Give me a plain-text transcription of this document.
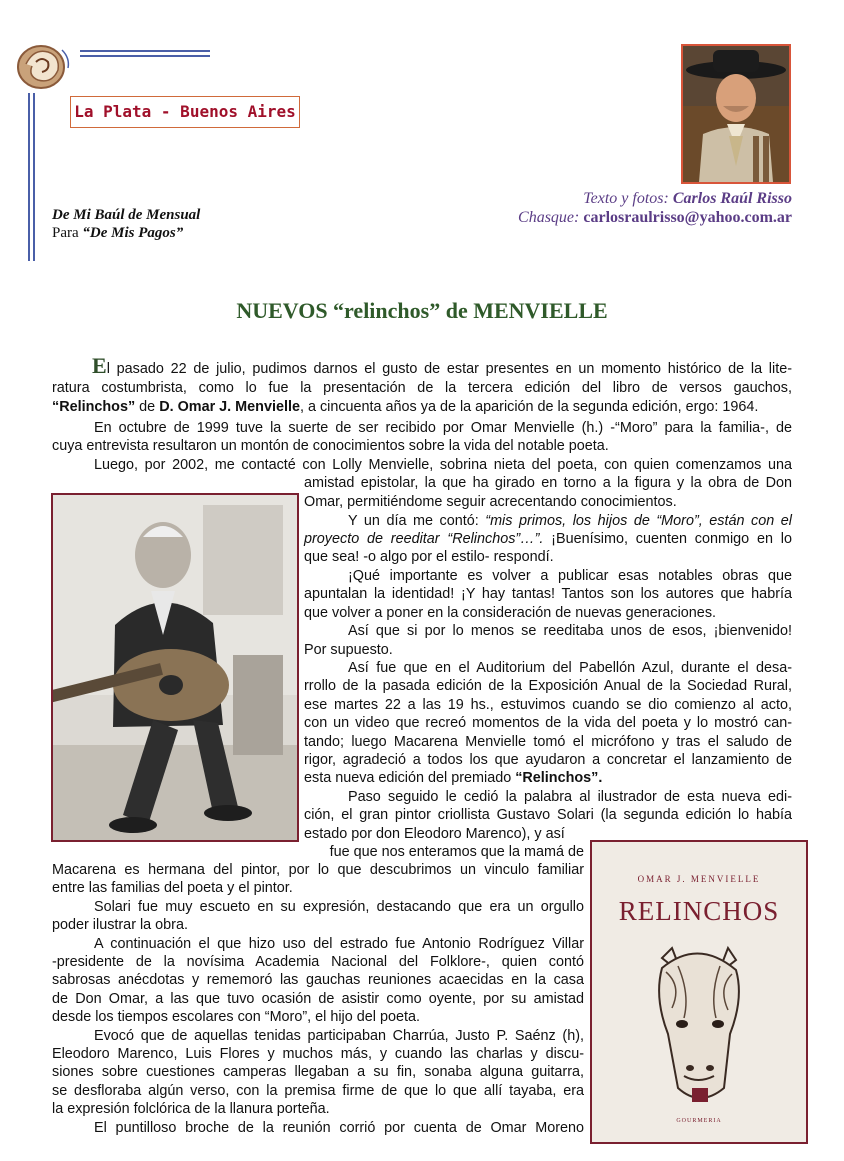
La Plata - Buenos Aires
Texto y fotos: Carlos Raúl Risso
Chasque: carlosraulrisso@yahoo.com.ar
De Mi Baúl de Mensual
Para “De Mis Pagos”
NUEVOS “relinchos” de MENVIELLE
El pasado 22 de julio, pudimos darnos el gusto de estar presentes en un momento histórico de la lite-
ratura costumbrista, como lo fue la presentación de la tercera edición del libro de versos gauchos,
“Relinchos” de D. Omar J. Menvielle, a cincuenta años ya de la aparición de la segunda edición, ergo: 1964.
En octubre de 1999 tuve la suerte de ser recibido por Omar Menvielle (h.) -“Moro” para la familia-, de
cuya entrevista resultaron un montón de conocimientos sobre la vida del notable poeta.
Luego, por 2002, me contacté con Lolly Menvielle, sobrina nieta del poeta, con quien comenzamos una
amistad epistolar, la que ha girado en torno a la figura y la obra de Don
Omar, permitiéndome seguir acrecentando conocimientos.
Y un día me contó: “mis primos, los hijos de “Moro”, están con el
proyecto de reeditar “Relinchos”…”. ¡Buenísimo, cuenten conmigo en lo
que sea! -o algo por el estilo- respondí.
¡Qué importante es volver a publicar esas notables obras que
apuntalan la identidad! ¡Y hay tantas! Tantos son los autores que habría
que volver a poner en la consideración de nuevas generaciones.
Así que si por lo menos se reeditaba unos de esos, ¡bienvenido!
Por supuesto.
Así fue que en el Auditorium del Pabellón Azul, durante el desa-
rrollo de la pasada edición de la Exposición Anual de la Sociedad Rural,
ese martes 22 a las 19 hs., estuvimos cuando se dio comienzo al acto,
con un video que recreó momentos de la vida del poeta y lo mostró can-
tando; luego Macarena Menvielle tomó el micrófono y tras el saludo de
rigor, agradeció a todos los que ayudaron a concretar el lanzamiento de
esta nueva edición del premiado “Relinchos”.
Paso seguido le cedió la palabra al ilustrador de esta nueva edi-
ción, el gran pintor criollista Gustavo Solari (la segunda edición lo había
estado por don Eleodoro Marenco), y así
fue que nos enteramos que la mamá de
OMAR J. MENVIELLE
RELINCHOS
GOURMERIA
Macarena es hermana del pintor, por lo que descubrimos un vinculo familiar
entre las familias del poeta y el pintor.
Solari fue muy escueto en su expresión, destacando que era un orgullo
poder ilustrar la obra.
A continuación el que hizo uso del estrado fue Antonio Rodríguez Villar
-presidente de la novísima Academia Nacional del Folklore-, quien contó
sabrosas anécdotas y rememoró las gauchas reuniones acaecidas en la casa
de Don Omar, a las que tuvo ocasión de asistir como oyente, por su amistad
desde los tiempos escolares con “Moro”, el hijo del poeta.
Evocó que de aquellas tenidas participaban Charrúa, Justo P. Saénz (h),
Eleodoro Marenco, Luis Flores y muchos más, y cuando las charlas y discu-
siones sobre cuestiones camperas llegaban a su fin, sonaba alguna guitarra,
se desfloraba algún verso, con la premisa firme de que lo que allí tayaba, era
la expresión folclórica de la llanura porteña.
El puntilloso broche de la reunión corrió por cuenta de Omar Moreno
